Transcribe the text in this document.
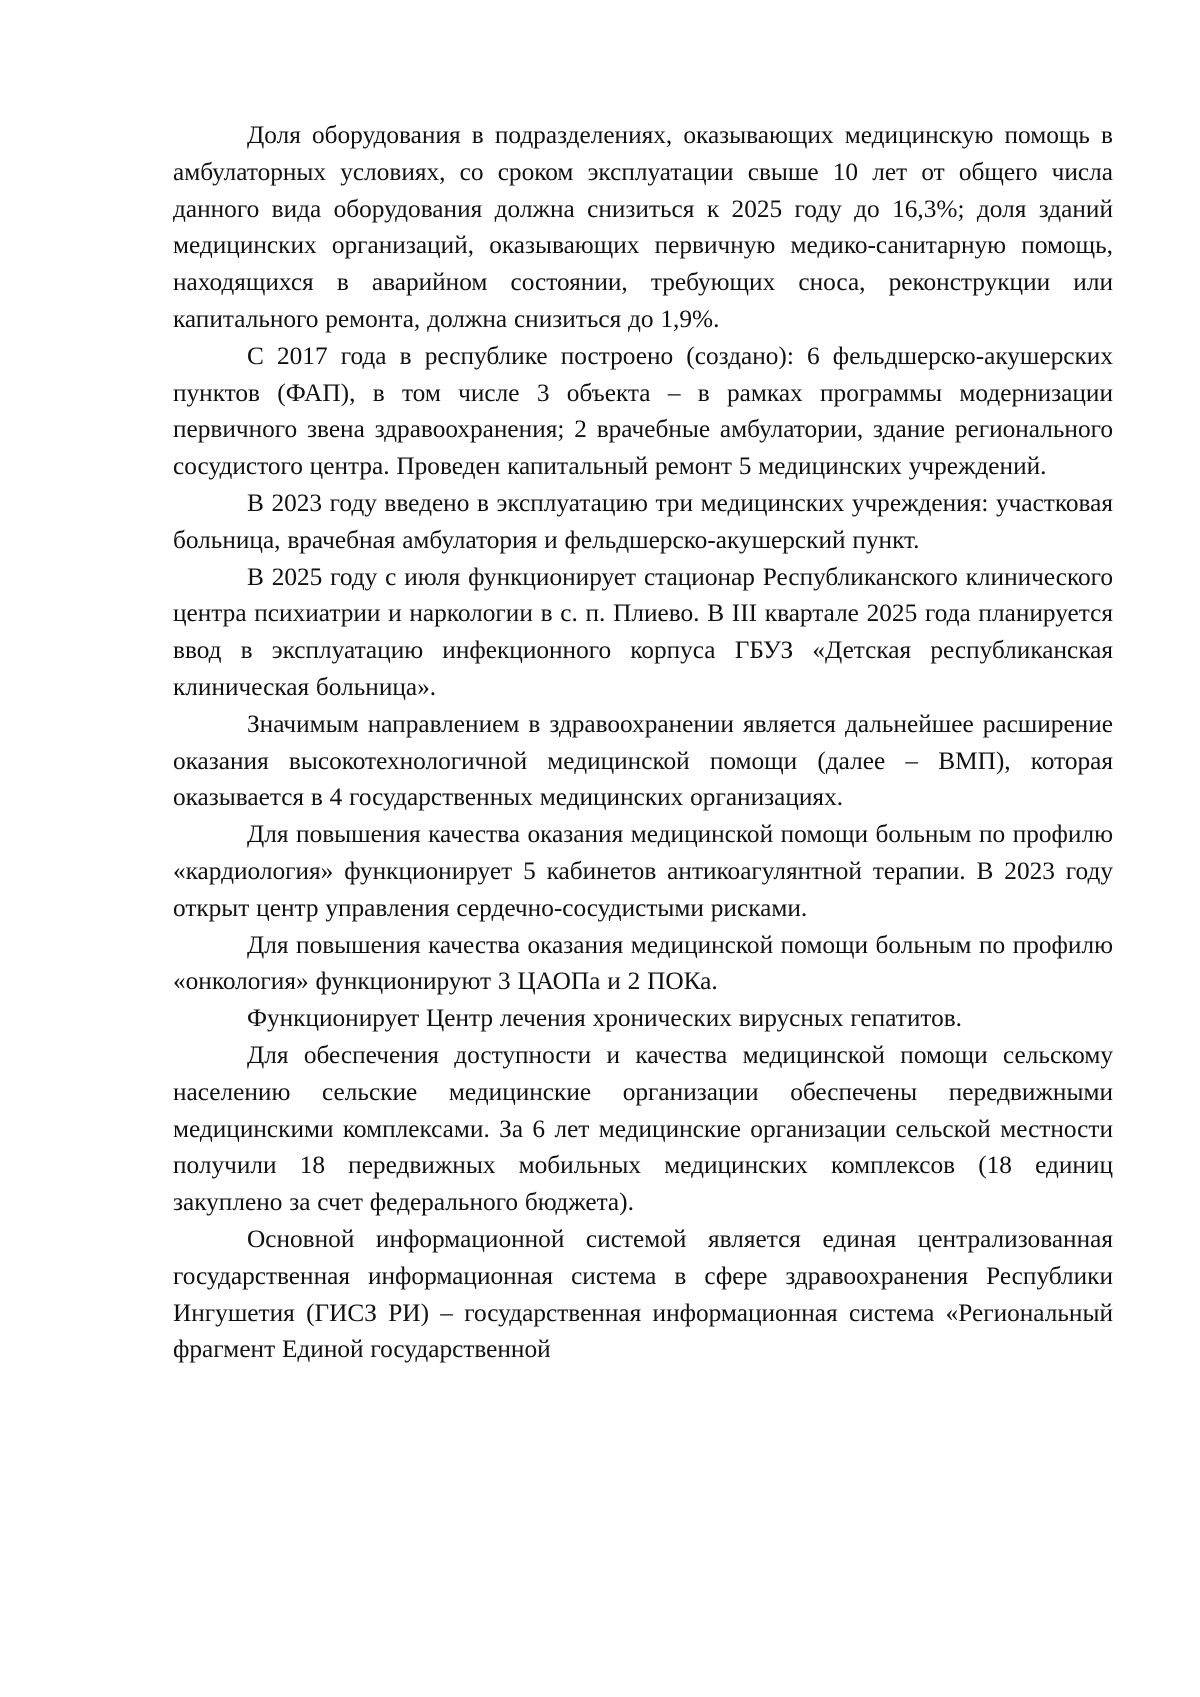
Доля оборудования в подразделениях, оказывающих медицинскую помощь в амбулаторных условиях, со сроком эксплуатации свыше 10 лет от общего числа данного вида оборудования должна снизиться к 2025 году до 16,3%; доля зданий медицинских организаций, оказывающих первичную медико-санитарную помощь, находящихся в аварийном состоянии, требующих сноса, реконструкции или капитального ремонта, должна снизиться до 1,9%.

С 2017 года в республике построено (создано): 6 фельдшерско-акушерских пунктов (ФАП), в том числе 3 объекта – в рамках программы модернизации первичного звена здравоохранения; 2 врачебные амбулатории, здание регионального сосудистого центра. Проведен капитальный ремонт 5 медицинских учреждений.

В 2023 году введено в эксплуатацию три медицинских учреждения: участковая больница, врачебная амбулатория и фельдшерско-акушерский пункт.

В 2025 году с июля функционирует стационар Республиканского клинического центра психиатрии и наркологии в с. п. Плиево. В III квартале 2025 года планируется ввод в эксплуатацию инфекционного корпуса ГБУЗ «Детская республиканская клиническая больница».

Значимым направлением в здравоохранении является дальнейшее расширение оказания высокотехнологичной медицинской помощи (далее – ВМП), которая оказывается в 4 государственных медицинских организациях.

Для повышения качества оказания медицинской помощи больным по профилю «кардиология» функционирует 5 кабинетов антикоагулянтной терапии. В 2023 году открыт центр управления сердечно-сосудистыми рисками.

Для повышения качества оказания медицинской помощи больным по профилю «онкология» функционируют 3 ЦАОПа и 2 ПОКа.

Функционирует Центр лечения хронических вирусных гепатитов.

Для обеспечения доступности и качества медицинской помощи сельскому населению сельские медицинские организации обеспечены передвижными медицинскими комплексами. За 6 лет медицинские организации сельской местности получили 18 передвижных мобильных медицинских комплексов (18 единиц закуплено за счет федерального бюджета).

Основной информационной системой является единая централизованная государственная информационная система в сфере здравоохранения Республики Ингушетия (ГИСЗ РИ) – государственная информационная система «Региональный фрагмент Единой государственной
